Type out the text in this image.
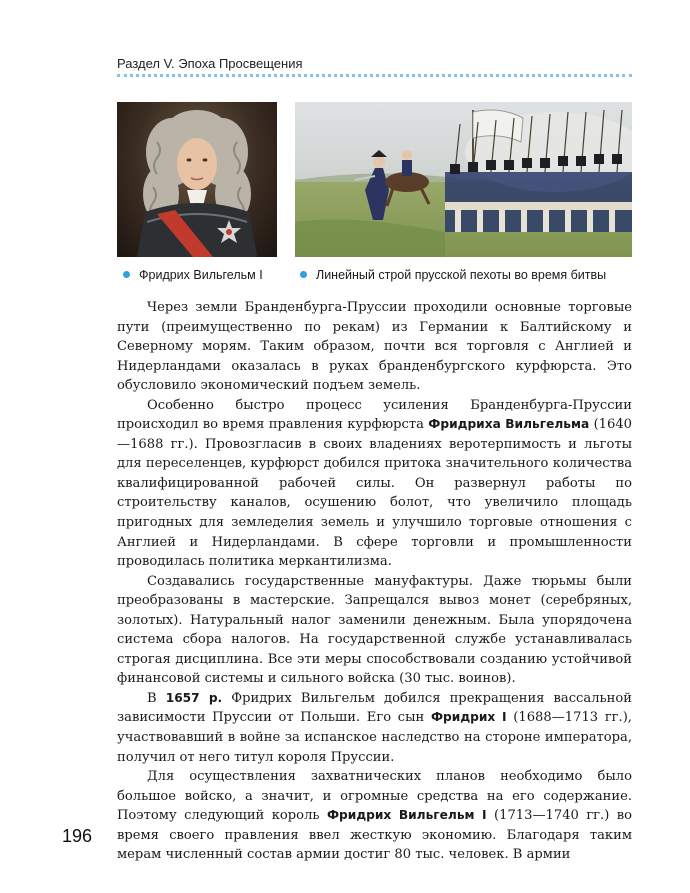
Раздел V. Эпоха Просвещения
Фридрих Вильгельм I	Линейный строй прусской пехоты во время битвы

Через земли Бранденбурга-Пруссии проходили основные торговые пути (преимущественно по рекам) из Германии к Балтийскому и Северному морям. Таким образом, почти вся торговля с Англией и Нидерландами оказалась в руках бранденбургского курфюрста. Это обусловило экономический подъем земель.

Особенно быстро процесс усиления Бранденбурга-Пруссии происходил во время правления курфюрста Фридриха Вильгельма (1640—1688 гг.). Провозгласив в своих владениях веротерпимость и льготы для переселенцев, курфюрст добился притока значительного количества квалифицированной рабочей силы. Он развернул работы по строительству каналов, осушению болот, что увеличило площадь пригодных для земледелия земель и улучшило торговые отношения с Англией и Нидерландами. В сфере торговли и промышленности проводилась политика меркантилизма.

Создавались государственные мануфактуры. Даже тюрьмы были преобразованы в мастерские. Запрещался вывоз монет (серебряных, золотых). Натуральный налог заменили денежным. Была упорядочена система сбора налогов. На государственной службе устанавливалась строгая дисциплина. Все эти меры способствовали созданию устойчивой финансовой системы и сильного войска (30 тыс. воинов).

В 1657 р. Фридрих Вильгельм добился прекращения вассальной зависимости Пруссии от Польши. Его сын Фридрих I (1688—1713 гг.), участвовавший в войне за испанское наследство на стороне императора, получил от него титул короля Пруссии.

Для осуществления захватнических планов необходимо было большое войско, а значит, и огромные средства на его содержание. Поэтому следующий король Фридрих Вильгельм I (1713—1740 гг.) во время своего правления ввел жесткую экономию. Благодаря таким мерам численный состав армии достиг 80 тыс. человек. В армии

196
